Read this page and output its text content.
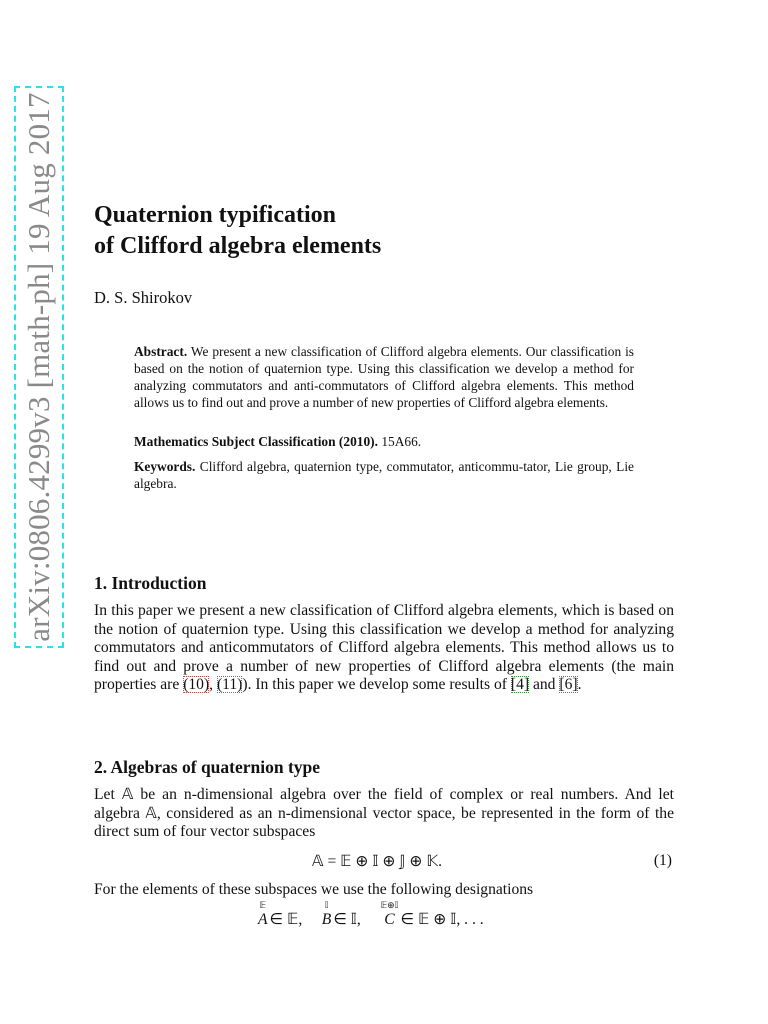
arXiv:0806.4299v3 [math-ph] 19 Aug 2017 Quaternion typification
of Clifford algebra elements
D. S. Shirokov
Abstract. We present a new classification of Clifford algebra elements. Our classification is based on the notion of quaternion type. Using this classification we develop a method for analyzing commutators and anti-commutators of Clifford algebra elements. This method allows us to find out and prove a number of new properties of Clifford algebra elements.
Mathematics Subject Classification (2010). 15A66.
Keywords. Clifford algebra, quaternion type, commutator, anticommu-tator, Lie group, Lie algebra.
1. Introduction
In this paper we present a new classification of Clifford algebra elements, which is based on the notion of quaternion type. Using this classification we develop a method for analyzing commutators and anticommutators of Clifford algebra elements. This method allows us to find out and prove a number of new properties of Clifford algebra elements (the main properties are (10), (11)). In this paper we develop some results of [4] and [6].
2. Algebras of quaternion type
Let 𝔸 be an n-dimensional algebra over the field of complex or real numbers. And let algebra 𝔸, considered as an n-dimensional vector space, be represented in the form of the direct sum of four vector subspaces
𝔸 = 𝔼 ⊕ 𝕀 ⊕ 𝕁 ⊕ 𝕂.	(1)
For the elements of these subspaces we use the following designations
𝔼
A ∈ 𝔼,
𝕀
B ∈ 𝕀,
𝔼⊕𝕀
C ∈ 𝔼 ⊕ 𝕀, . . .
